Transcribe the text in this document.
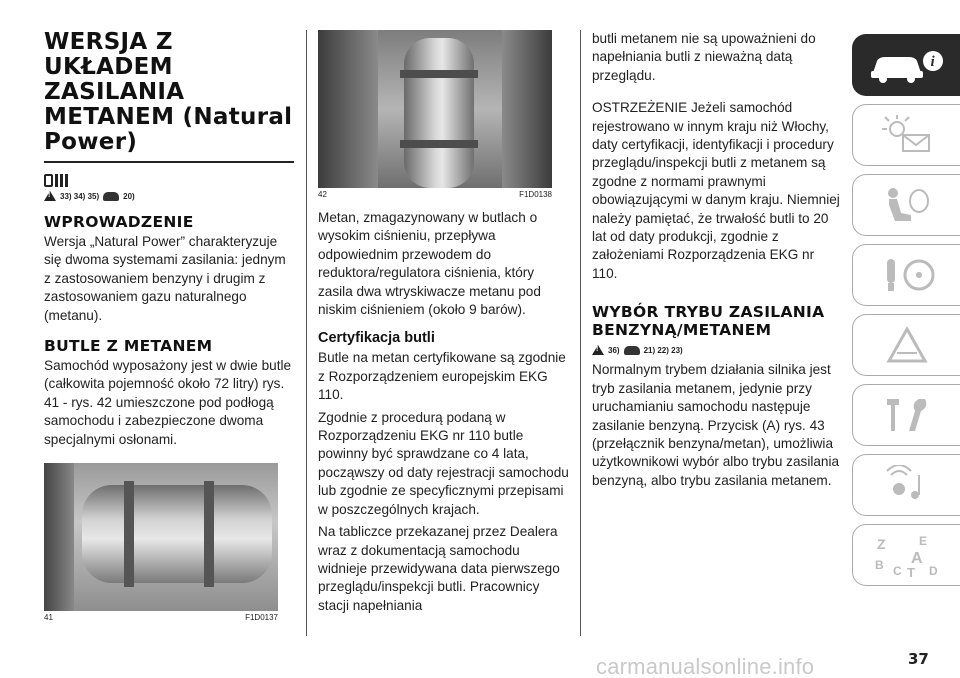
WERSJA Z UKŁADEM ZASILANIA METANEM (Natural Power)
!
33) 34) 35)	20)
WPROWADZENIE
Wersja „Natural Power” charakteryzuje się dwoma systemami zasilania: jednym z zastosowaniem benzyny i drugim z zastosowaniem gazu naturalnego (metanu).
BUTLE Z METANEM
Samochód wyposażony jest w dwie butle (całkowita pojemność około 72 litry) rys. 41 - rys. 42 umieszczone pod podłogą samochodu i zabezpieczone dwoma specjalnymi osłonami.
41	F1D0137
42	F1D0138
Metan, zmagazynowany w butlach o wysokim ciśnieniu, przepływa odpowiednim przewodem do reduktora/regulatora ciśnienia, który zasila dwa wtryskiwacze metanu pod niskim ciśnieniem (około 9 barów).
Certyfikacja butli
Butle na metan certyfikowane są zgodnie z Rozporządzeniem europejskim EKG 110.
Zgodnie z procedurą podaną w Rozporządzeniu EKG nr 110 butle powinny być sprawdzane co 4 lata, począwszy od daty rejestracji samochodu lub zgodnie ze specyficznymi przepisami w poszczególnych krajach.
Na tabliczce przekazanej przez Dealera wraz z dokumentacją samochodu widnieje przewidywana data pierwszego przeglądu/inspekcji butli. Pracownicy stacji napełniania
butli metanem nie są upoważnieni do napełniania butli z nieważną datą przeglądu.
OSTRZEŻENIE Jeżeli samochód rejestrowano w innym kraju niż Włochy, daty certyfikacji, identyfikacji i procedury przeglądu/inspekcji butli z metanem są zgodne z normami prawnymi obowiązującymi w danym kraju. Niemniej należy pamiętać, że trwałość butli to 20 lat od daty produkcji, zgodnie z założeniami Rozporządzenia EKG nr 110.
WYBÓR TRYBU ZASILANIA BENZYNĄ/METANEM
!
36)	21) 22) 23)
Normalnym trybem działania silnika jest tryb zasilania metanem, jedynie przy uruchamianiu samochodu następuje zasilanie benzyną. Przycisk (A) rys. 43 (przełącznik benzyna/metan), umożliwia użytkownikowi wybór albo trybu zasilania benzyną, albo trybu zasilania metanem.
i
Z	E
B A
C T D
carmanualsonline.info	37
